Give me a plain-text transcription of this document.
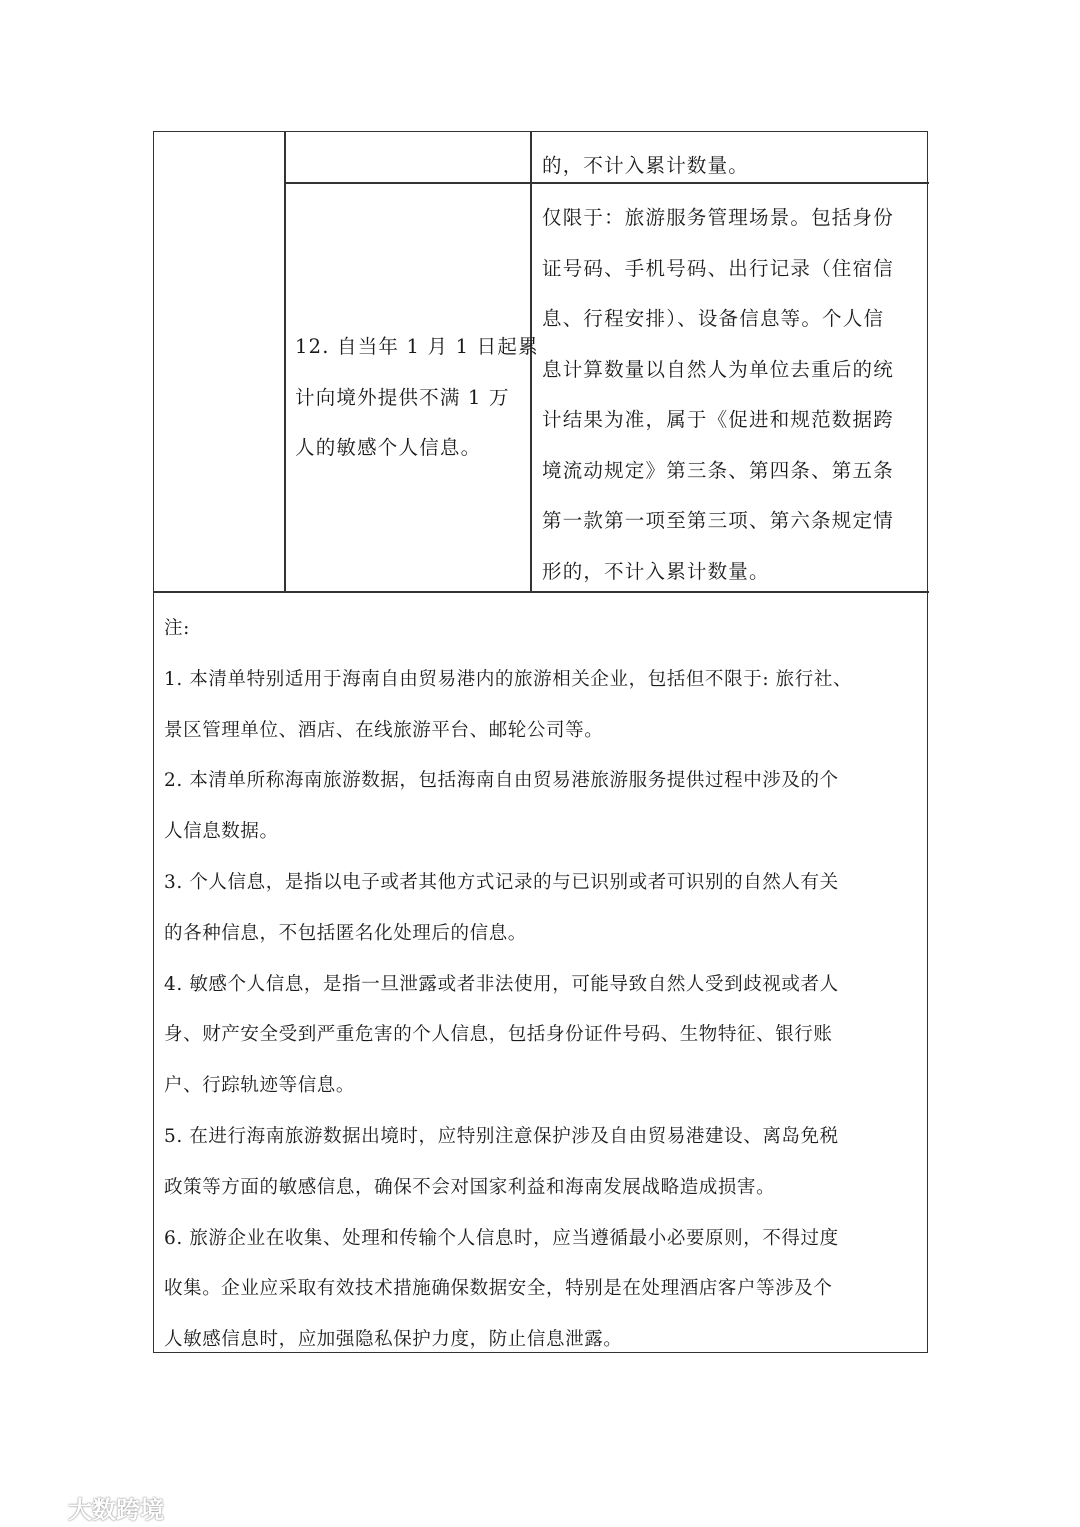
的，不计入累计数量。
12. 自当年 1 月 1 日起累
计向境外提供不满 1 万
人的敏感个人信息。
仅限于：旅游服务管理场景。包括身份
证号码、手机号码、出行记录（住宿信
息、行程安排）、设备信息等。个人信
息计算数量以自然人为单位去重后的统
计结果为准，属于《促进和规范数据跨
境流动规定》第三条、第四条、第五条
第一款第一项至第三项、第六条规定情
形的，不计入累计数量。
注:
1. 本清单特别适用于海南自由贸易港内的旅游相关企业，包括但不限于: 旅行社、
景区管理单位、酒店、在线旅游平台、邮轮公司等。
2. 本清单所称海南旅游数据，包括海南自由贸易港旅游服务提供过程中涉及的个
人信息数据。
3. 个人信息，是指以电子或者其他方式记录的与已识别或者可识别的自然人有关
的各种信息，不包括匿名化处理后的信息。
4. 敏感个人信息，是指一旦泄露或者非法使用，可能导致自然人受到歧视或者人
身、财产安全受到严重危害的个人信息，包括身份证件号码、生物特征、银行账
户、行踪轨迹等信息。
5. 在进行海南旅游数据出境时，应特别注意保护涉及自由贸易港建设、离岛免税
政策等方面的敏感信息，确保不会对国家利益和海南发展战略造成损害。
6. 旅游企业在收集、处理和传输个人信息时，应当遵循最小必要原则，不得过度
收集。企业应采取有效技术措施确保数据安全，特别是在处理酒店客户等涉及个
人敏感信息时，应加强隐私保护力度，防止信息泄露。
大数跨境
